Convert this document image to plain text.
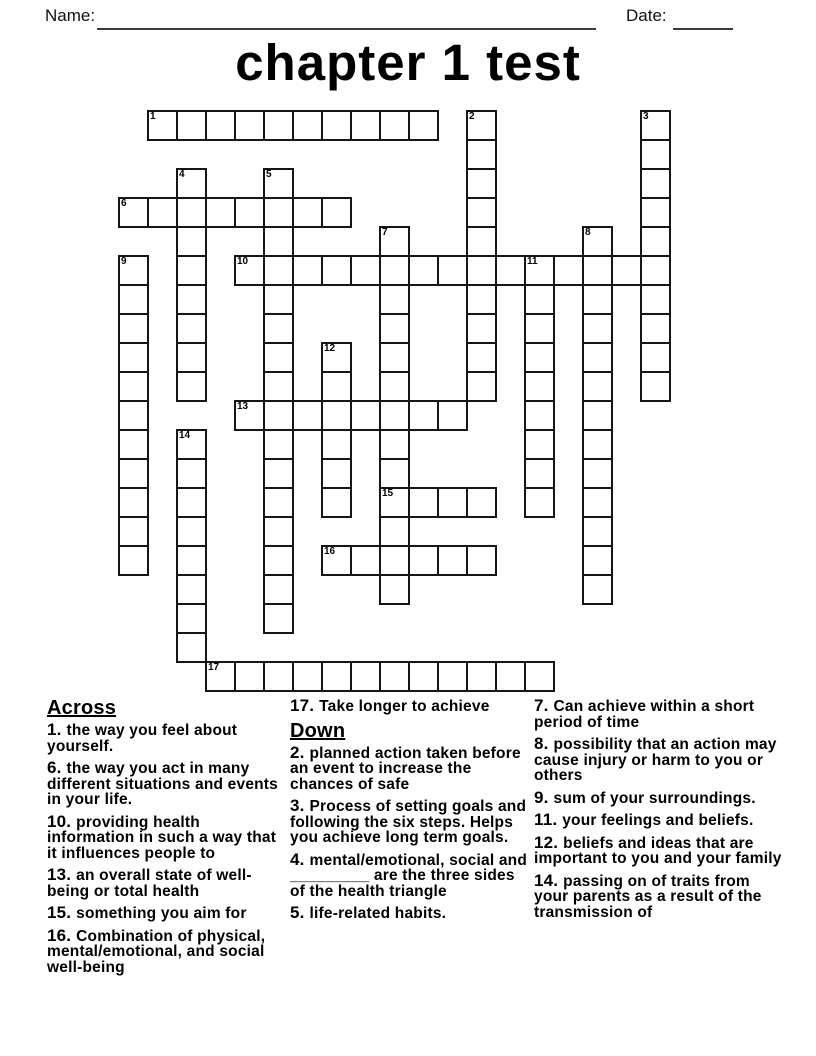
Name:	Date:
chapter 1 test
1	2	3
4	5
6
7	8
9	10	11
12
13
14
15
16
17
Across
1. the way you feel about yourself.
6. the way you act in many different situations and events in your life.
10. providing health information in such a way that it influences people to
13. an overall state of well-being or total health
15. something you aim for
16. Combination of physical, mental/emotional, and social well-being
17. Take longer to achieve
Down
2. planned action taken before an event to increase the chances of safe
3. Process of setting goals and following the six steps. Helps you achieve long term goals.
4. mental/emotional, social and _________ are the three sides of the health triangle
5. life-related habits.
7. Can achieve within a short period of time
8. possibility that an action may cause injury or harm to you or others
9. sum of your surroundings.
11. your feelings and beliefs.
12. beliefs and ideas that are important to you and your family
14. passing on of traits from your parents as a result of the transmission of
